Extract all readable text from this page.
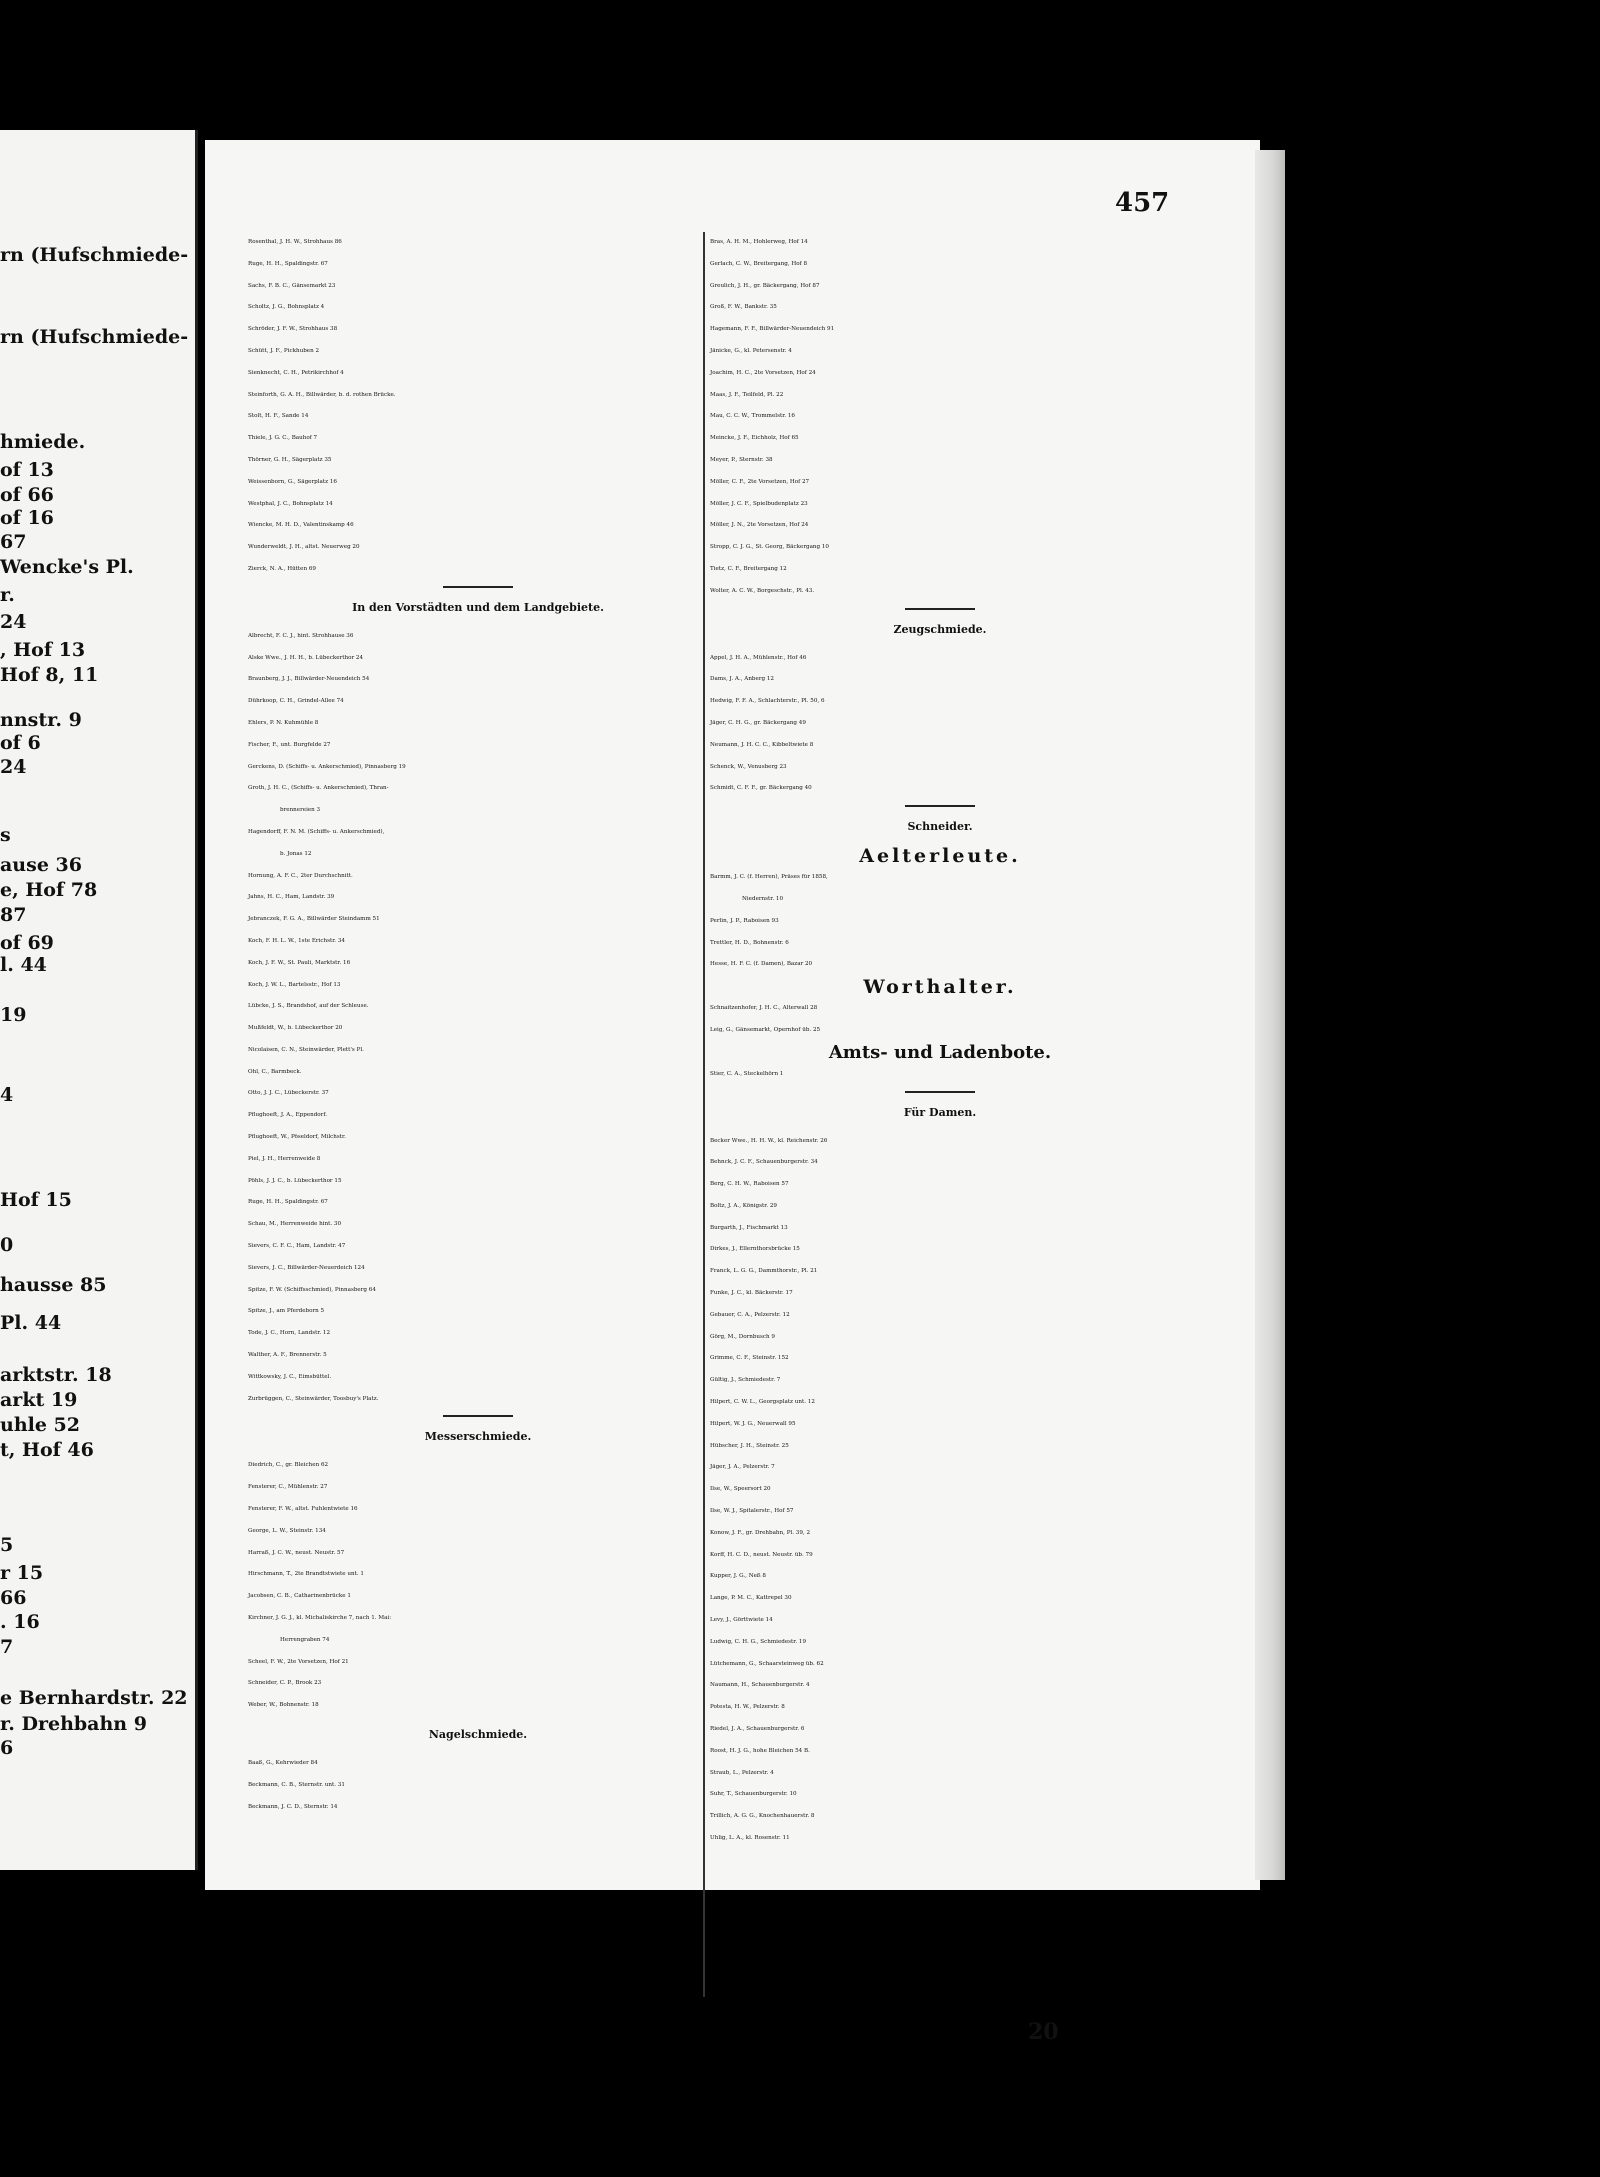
rn (Hufschmiede-
rn (Hufschmiede-
hmiede.
of 13
of 66
of 16
67
Wencke's Pl.
r.
24
, Hof 13
Hof 8, 11
nnstr. 9
of 6
24
s
ause 36
e, Hof 78
87
of 69
l. 44
19
4
Hof 15
0
hausse 85
Pl. 44
arktstr. 18
arkt 19
uhle 52
t, Hof 46
5
r 15
66
. 16
7
e Bernhardstr. 22
r. Drehbahn 9
6
457
Rosenthal, J. H. W., Strohhaus 86
Ruge, H. H., Spaldingstr. 67
Sachs, F. B. C., Gänsemarkt 23
Scholtz, J. G., Bohnsplatz 4
Schröder, J. F. W., Strohhaus 38
Schütt, J. F., Pickhuben 2
Sienknecht, C. H., Petrikirchhof 4
Steinforth, G. A. H., Billwärder, b. d. rothen Brücke.
Stolt, H. F., Sande 14
Thiele, J. G. C., Bauhof 7
Thörner, G. H., Sägerplatz 35
Weissenborn, G., Sägerplatz 16
Westphal, J. C., Bohnsplatz 14
Wiencke, M. H. D., Valentinskamp 46
Wunderweldt, J. H., altst. Neuerweg 20
Zierck, N. A., Hütten 69
In den Vorstädten und dem Landgebiete.
Albrecht, F. C. J., hint. Strohhause 36
Alske Wwe., J. H. H., b. Lübeckerthor 24
Braunberg, J. J., Billwärder-Neuendeich 54
Dührkoop, C. H., Grindel-Allee 74
Ehlers, P. N. Kuhmühle 8
Fischer, F., unt. Burgfelde 27
Gerckens, D. (Schiffs- u. Ankerschmied), Pinnasberg 19
Groth, J. H. C., (Schiffs- u. Ankerschmied), Thran-
brennereien 3
Hagendorff, F. N. M. (Schiffs- u. Ankerschmied),
b. Jonas 12
Hornung, A. F. C., 2ter Durchschnitt.
Jahns, H. C., Ham, Landstr. 39
Jebranczek, F. G. A., Billwärder Steindamm 51
Koch, F. H. L. W., 1ste Erichstr. 34
Koch, J. F. W., St. Pauli, Marktstr. 16
Koch, J. W. L., Bartelsstr., Hof 13
Lübcke, J. S., Brandshof, auf der Schleuse.
Mußfeldt, W., b. Lübeckerthor 20
Nicolaisen, C. N., Steinwärder, Plett's Pl.
Ohl, C., Barmbeck.
Otto, J. J. C., Lübeckerstr. 37
Pflughoeft, J. A., Eppendorf.
Pflughoeft, W., Pöseldorf, Milchstr.
Piel, J. H., Herrenweide 8
Pöhls, J. J. C., b. Lübeckerthor 15
Ruge, H. H., Spaldingstr. 67
Schau, M., Herrenweide hint. 30
Sievers, C. F. C., Ham, Landstr. 47
Sievers, J. C., Billwärder-Neuerdeich 124
Spitze, F. W. (Schiffsschmied), Pinnasberg 64
Spitze, J., am Pferdeborn 5
Tode, J. C., Horn, Landstr. 12
Walther, A. F., Brennerstr. 5
Wittkowsky, J. C., Eimsbüttel.
Zurbrüggen, C., Steinwärder, Toosbuy's Platz.
Messerschmiede.
Diedrich, C., gr. Bleichen 62
Fensterer, C., Mühlenstr. 27
Fensterer, F. W., altst. Fuhlentwiete 16
George, L. W., Steinstr. 134
Harraß, J. C. W., neust. Neustr. 57
Hirschmann, T., 2te Brandtstwiete unt. 1
Jacobsen, C. B., Catharinenbrücke 1
Kirchner, J. G. J., kl. Michaliskirche 7, nach 1. Mai:
Herrengraben 74
Scheel, F. W., 2te Vorsetzen, Hof 21
Schneider, C. P., Brook 23
Weber, W., Bohnenstr. 18
Nagelschmiede.
Baaß, G., Kehrwieder 84
Beckmann, C. B., Sternstr. unt. 31
Beckmann, J. C. D., Sternstr. 14
Bras, A. H. M., Hohlerweg, Hof 14
Gerlach, C. W., Breitergang, Hof 8
Greulich, J. H., gr. Bäckergang, Hof 87
Groß, F. W., Bankstr. 35
Hagemann, F. F., Billwärder-Neuendeich 91
Jänicke, G., kl. Petersenstr. 4
Joachim, H. C., 2te Vorsetzen, Hof 24
Maas, J. F., Teilfeld, Pl. 22
Mau, C. C. W., Trommelstr. 16
Meincke, J. F., Eichholz, Hof 65
Meyer, P., Sternstr. 38
Möller, C. F., 2te Vorsetzen, Hof 27
Möller, J. C. F., Spielbudenplatz 23
Möller, J. N., 2te Vorsetzen, Hof 24
Stropp, C. J. G., St. Georg, Bäckergang 10
Tietz, C. F., Breitergang 12
Wolter, A. C. W., Borgeschstr., Pl. 43.
Zeugschmiede.
Appel, J. H. A., Mühlenstr., Hof 46
Dams, J. A., Anberg 12
Hedwig, F. F. A., Schlachterstr., Pl. 50, 6
Jäger, C. H. G., gr. Bäckergang 49
Neumann, J. H. C. C., Kibbeltwiete 8
Schenck, W., Venusberg 23
Schmidt, C. F. F., gr. Bäckergang 40
Schneider.
Aelterleute.
Barmm, J. C. (f. Herren), Präses für 1858,
Niedernstr. 10
Perlin, J. P., Raboisen 93
Trettler, H. D., Bohnenstr. 6
Hesse, H. F. C. (f. Damen), Bazar 20
Worthalter.
Schnaitzenhofer, J. H. C., Alterwall 28
Leig, G., Gänsemarkt, Opernhof üb. 25
Amts- und Ladenbote.
Stier, C. A., Steckelhörn 1
Für Damen.
Becker Wwe., H. H. W., kl. Reichenstr. 26
Behnck, J. C. F., Schauenburgerstr. 34
Berg, C. H. W., Raboisen 57
Boltz, J. A., Königstr. 29
Burgarth, J., Fischmarkt 13
Dirkes, J., Ellernthorsbrücke 15
Franck, L. G. G., Dammthorstr., Pl. 21
Funke, J. C., kl. Bäckerstr. 17
Gebauer, C. A., Pelzerstr. 12
Görg, M., Dornbusch 9
Grimme, C. F., Steinstr. 152
Gültig, J., Schmiedestr. 7
Hilpert, C. W. L., Georgsplatz unt. 12
Hilpert, W. J. G., Neuerwall 95
Hübscher, J. H., Steinstr. 25
Jäger, J. A., Pelzerstr. 7
Ilse, W., Speersort 20
Ilse, W. J., Spitalerstr., Hof 57
Konow, J. F., gr. Drehbahn, Pl. 39, 2
Korff, H. C. D., neust. Neustr. üb. 79
Kupper, J. G., Neß 8
Lange, P. M. C., Kattrepel 30
Levy, J., Görttwiete 14
Ludwig, C. H. G., Schmiedestr. 19
Lütchemann, G., Schaarsteinweg üb. 62
Naumann, H., Schauenburgerstr. 4
Potesta, H. W., Pelzerstr. 8
Riedel, J. A., Schauenburgerstr. 6
Roost, H. J. G., hohe Bleichen 54 B.
Straub, L., Pelzerstr. 4
Suhr, T., Schauenburgerstr. 10
Trillich, A. G. G., Knochenhauerstr. 8
Uhlig, L. A., kl. Rosenstr. 11
20
